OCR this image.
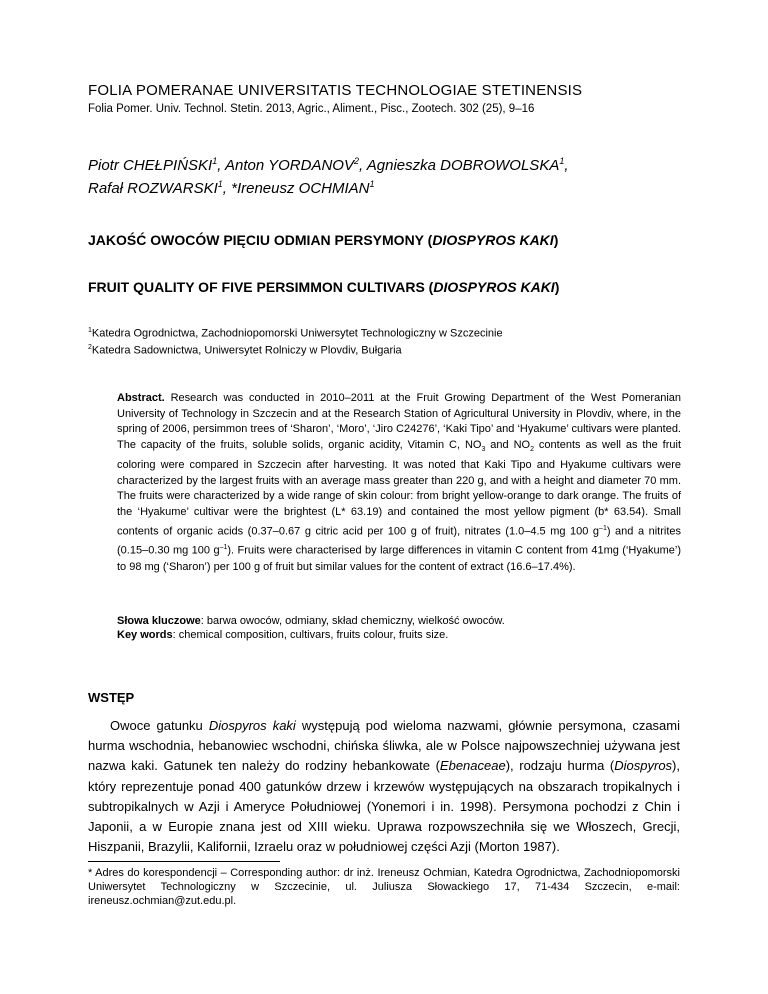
FOLIA POMERANAE UNIVERSITATIS TECHNOLOGIAE STETINENSIS
Folia Pomer. Univ. Technol. Stetin. 2013, Agric., Aliment., Pisc., Zootech. 302 (25), 9–16
Piotr CHEŁPIŃSKI$^1$, Anton YORDANOV$^2$, Agnieszka DOBROWOLSKA$^1$,
Rafał ROZWARSKI$^1$, *Ireneusz OCHMIAN$^1$
JAKOŚĆ OWOCÓW PIĘCIU ODMIAN PERSYMONY (DIOSPYROS KAKI)
FRUIT QUALITY OF FIVE PERSIMMON CULTIVARS (DIOSPYROS KAKI)
$^1$Katedra Ogrodnictwa, Zachodniopomorski Uniwersytet Technologiczny w Szczecinie
$^2$Katedra Sadownictwa, Uniwersytet Rolniczy w Plovdiv, Bułgaria
Abstract. Research was conducted in 2010–2011 at the Fruit Growing Department of the West Pomeranian University of Technology in Szczecin and at the Research Station of Agricultural University in Plovdiv, where, in the spring of 2006, persimmon trees of ‘Sharon’, ‘Moro’, ‘Jiro C24276’, ‘Kaki Tipo’ and ‘Hyakume’ cultivars were planted. The capacity of the fruits, soluble solids, organic acidity, Vitamin C, $NO_3$ and $NO_2$ contents as well as the fruit coloring were compared in Szczecin after harvesting. It was noted that Kaki Tipo and Hyakume cultivars were characterized by the largest fruits with an average mass greater than 220 g, and with a height and diameter 70 mm. The fruits were characterized by a wide range of skin colour: from bright yellow-orange to dark orange. The fruits of the ‘Hyakume’ cultivar were the brightest (L* 63.19) and contained the most yellow pigment (b* 63.54). Small contents of organic acids (0.37–0.67 g citric acid per 100 g of fruit), nitrates (1.0–4.5 mg 100 $g^{-1}$) and a nitrites (0.15–0.30 mg 100 $g^{-1}$). Fruits were characterised by large differences in vitamin C content from 41mg (‘Hyakume’) to 98 mg (‘Sharon’) per 100 g of fruit but similar values for the content of extract (16.6–17.4%).
Słowa kluczowe: barwa owoców, odmiany, skład chemiczny, wielkość owoców.
Key words: chemical composition, cultivars, fruits colour, fruits size.
WSTĘP
Owoce gatunku Diospyros kaki występują pod wieloma nazwami, głównie persymona, czasami hurma wschodnia, hebanowiec wschodni, chińska śliwka, ale w Polsce najpowszechniej używana jest nazwa kaki. Gatunek ten należy do rodziny hebankowate (Ebenaceae), rodzaju hurma (Diospyros), który reprezentuje ponad 400 gatunków drzew i krzewów występujących na obszarach tropikalnych i subtropikalnych w Azji i Ameryce Południowej (Yonemori i in. 1998). Persymona pochodzi z Chin i Japonii, a w Europie znana jest od XIII wieku. Uprawa rozpowszechniła się we Włoszech, Grecji, Hiszpanii, Brazylii, Kalifornii, Izraelu oraz w południowej części Azji (Morton 1987).
* Adres do korespondencji – Corresponding author: dr inż. Ireneusz Ochmian, Katedra Ogrodnictwa, Zachodniopomorski Uniwersytet Technologiczny w Szczecinie, ul. Juliusza Słowackiego 17, 71-434 Szczecin, e-mail: ireneusz.ochmian@zut.edu.pl.
